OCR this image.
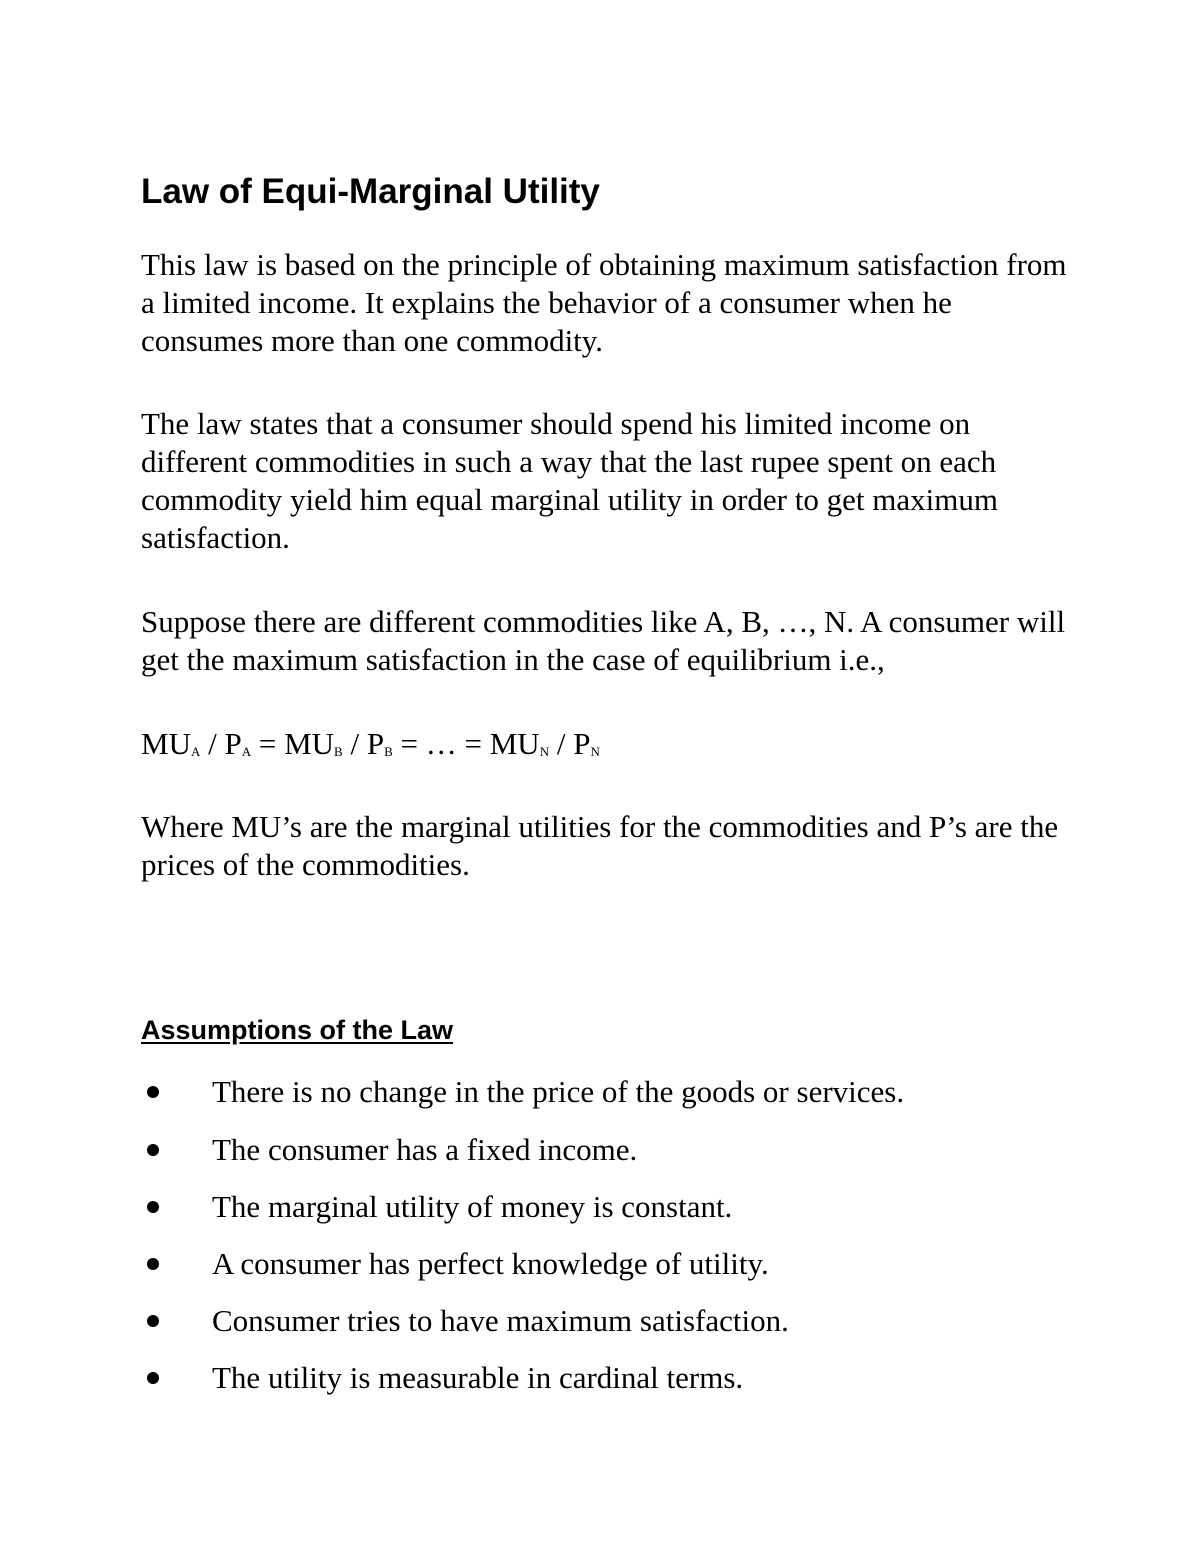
Law of Equi-Marginal Utility

This law is based on the principle of obtaining maximum satisfaction from a limited income. It explains the behavior of a consumer when he consumes more than one commodity.

The law states that a consumer should spend his limited income on different commodities in such a way that the last rupee spent on each commodity yield him equal marginal utility in order to get maximum satisfaction.

Suppose there are different commodities like A, B, …, N. A consumer will get the maximum satisfaction in the case of equilibrium i.e.,

$MU_A / P_A = MU_B / P_B$ = … = $MU_N / P_N$

Where MU’s are the marginal utilities for the commodities and P’s are the prices of the commodities.

Assumptions of the Law
There is no change in the price of the goods or services.
The consumer has a fixed income.
The marginal utility of money is constant.
A consumer has perfect knowledge of utility.
Consumer tries to have maximum satisfaction.
The utility is measurable in cardinal terms.
